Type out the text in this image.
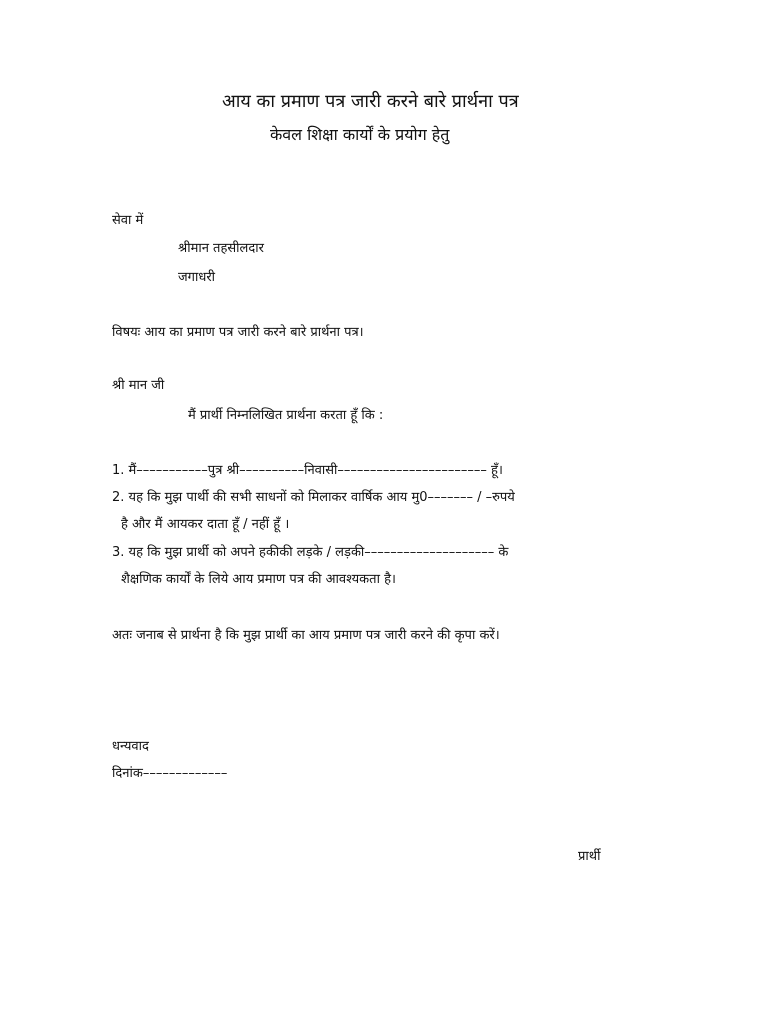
आय का प्रमाण पत्र जारी करने बारे प्रार्थना पत्र
केवल शिक्षा कार्यों के प्रयोग हेतु
सेवा में
श्रीमान तहसीलदार
जगाधरी
विषयः आय का प्रमाण पत्र जारी करने बारे प्रार्थना पत्र।
श्री मान जी
मैं प्रार्थी निम्नलिखित प्रार्थना करता हूँ कि :
1. मैं–––––––––––पुत्र श्री––––––––––निवासी––––––––––––––––––––––– हूँ।
2. यह कि मुझ पार्थी की सभी साधनों को मिलाकर वार्षिक आय मु0––––––– / –रुपये
है और मैं आयकर दाता हूँ / नहीं हूँ ।
3. यह कि मुझ प्रार्थी को अपने हकीकी लड़के / लड़की–––––––––––––––––––– के
शैक्षणिक कार्यों के लिये आय प्रमाण पत्र की आवश्यकता है।
अतः जनाब से प्रार्थना है कि मुझ प्रार्थी का आय प्रमाण पत्र जारी करने की कृपा करें।
धन्यवाद
दिनांक–––––––––––––
प्रार्थी
